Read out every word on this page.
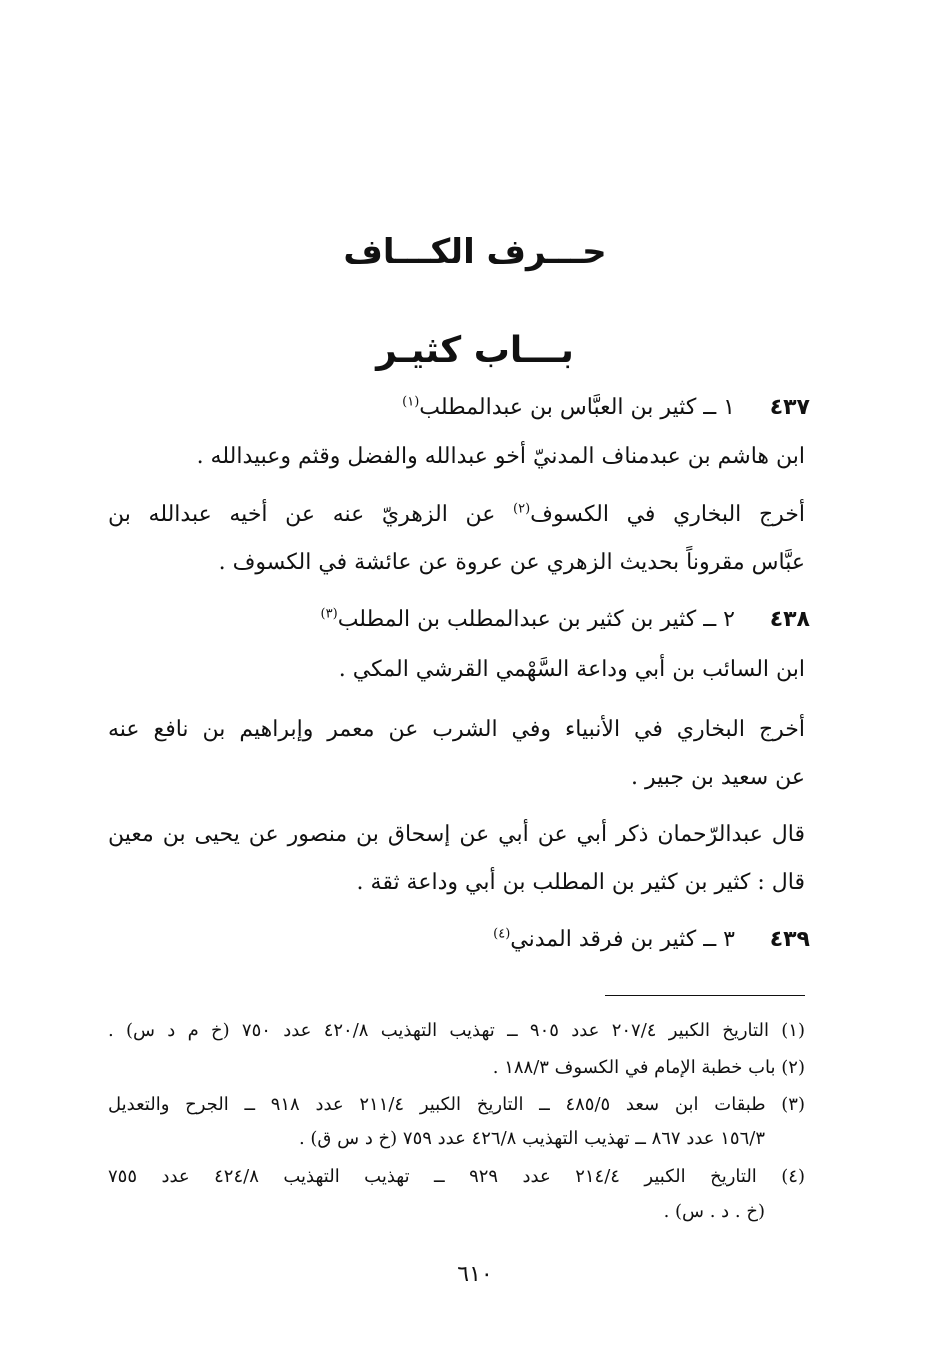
حـــرف الكـــاف
بـــاب كثيـر
٤٣٧
١ ــ كثير بن العبَّاس بن عبدالمطلب$^{(١)}$
ابن هاشم بن عبدمناف المدنيّ أخو عبدالله والفضل وقثم وعبيدالله .
أخرج البخاري في الكسوف$^{(٢)}$ عن الزهريّ عنه عن أخيه عبدالله بن
عبَّاس مقروناً بحديث الزهري عن عروة عن عائشة في الكسوف .
٤٣٨
٢ ــ كثير بن كثير بن عبدالمطلب بن المطلب$^{(٣)}$
ابن السائب بن أبي وداعة السَّهْمي القرشي المكي .
أخرج البخاري في الأنبياء وفي الشرب عن معمر وإبراهيم بن نافع عنه
عن سعيد بن جبير .
قال عبدالرّحمان ذكر أبي عن أبي عن إسحاق بن منصور عن يحيى بن معين
قال : كثير بن كثير بن المطلب بن أبي وداعة ثقة .
٤٣٩
٣ ــ كثير بن فرقد المدني$^{(٤)}$
(١) التاريخ الكبير ٢٠٧/٤ عدد ٩٠٥ ــ تهذيب التهذيب ٤٢٠/٨ عدد ٧٥٠ (خ م د س) .
(٢) باب خطبة الإمام في الكسوف ١٨٨/٣ .
(٣) طبقات ابن سعد ٤٨٥/٥ ــ التاريخ الكبير ٢١١/٤ عدد ٩١٨ ــ الجرح والتعديل
١٥٦/٣ عدد ٨٦٧ ــ تهذيب التهذيب ٤٢٦/٨ عدد ٧٥٩ (خ د س ق) .
(٤) التاريخ الكبير ٢١٤/٤ عدد ٩٢٩ ــ تهذيب التهذيب ٤٢٤/٨ عدد ٧٥٥
(خ . د . س) .
٦١٠
